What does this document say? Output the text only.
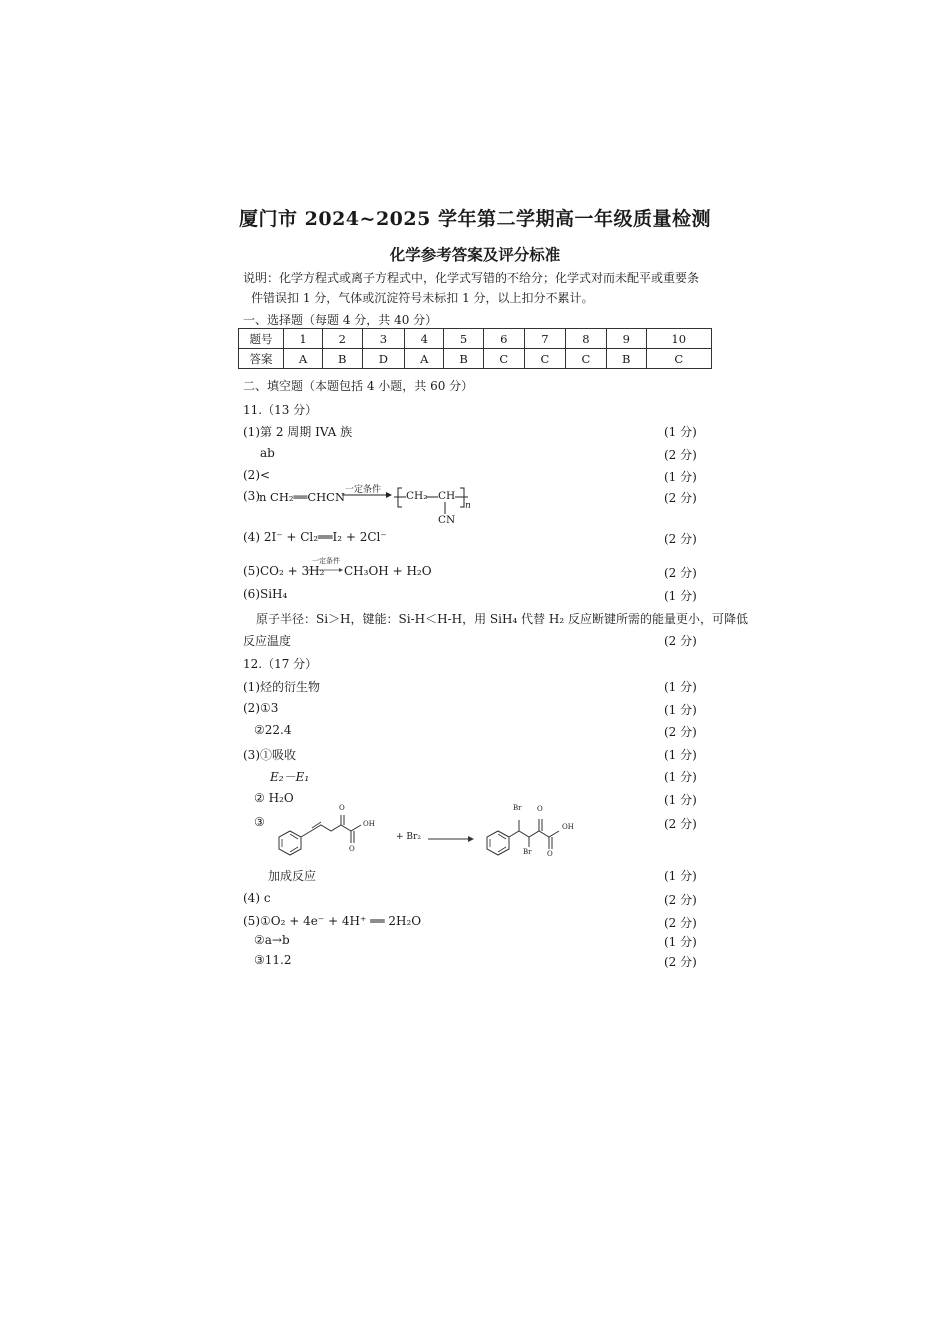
厦门市 2024~2025 学年第二学期高一年级质量检测
化学参考答案及评分标准
说明：化学方程式或离子方程式中，化学式写错的不给分；化学式对而未配平或重要条
件错误扣 1 分，气体或沉淀符号未标扣 1 分，以上扣分不累计。
一、选择题（每题 4 分，共 40 分）
题号	1	2	3	4	5	6	7	8	9	10
答案	A	B	D	A	B	C	C	C	B	C
二、填空题（本题包括 4 小题，共 60 分）
11.（13 分）
(1)第 2 周期 IVA 族	(1 分)
ab	(2 分)
(2)<	(1 分)
(3) n CH₂══CHCN 一定条件 CH₂ CH
n
CN
(2 分)
(4) 2I⁻ + Cl₂══I₂ + 2Cl⁻	(2 分)
(5)CO₂ + 3H₂
一定条件
CH₃OH + H₂O	(2 分)
(6)SiH₄	(1 分)
原子半径：Si＞H，键能：Si-H＜H-H，用 SiH₄ 代替 H₂ 反应断键所需的能量更小，可降低
反应温度	(2 分)
12.（17 分）
(1)烃的衍生物	(1 分)
(2)①3	(1 分)
②22.4	(2 分)
(3)①吸收	(1 分)
E₂－E₁	(1 分)
② H₂O	(1 分)
③	(2 分)
O
OH
O
+ Br₂
Br O
OH
Br O
加成反应	(1 分)
(4) c	(2 分)
(5)①O₂ + 4e⁻ + 4H⁺ ══ 2H₂O	(2 分)
②a→b	(1 分)
③11.2	(2 分)
